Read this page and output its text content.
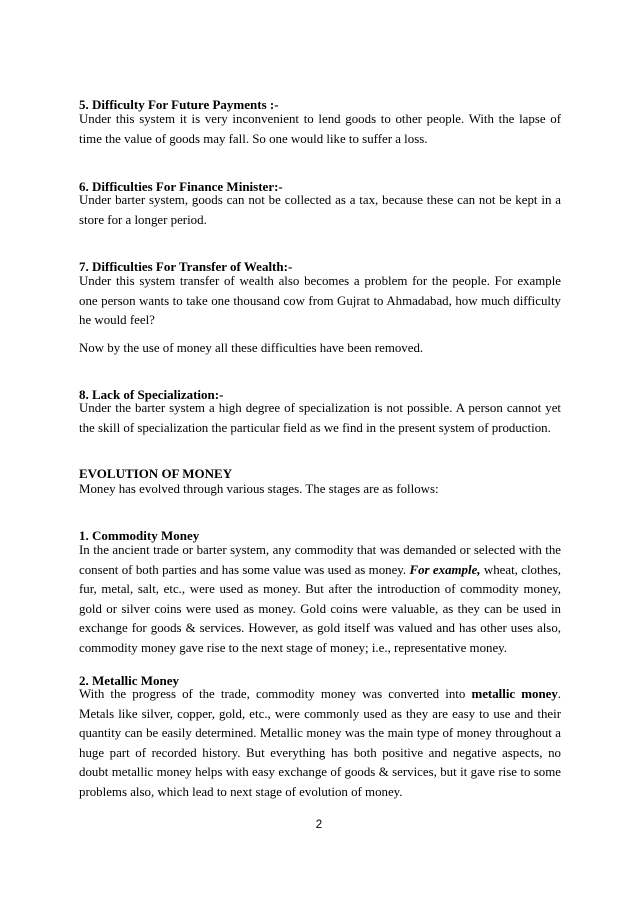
5. Difficulty For Future Payments :-

Under this system it is very inconvenient to lend goods to other people. With the lapse of time the value of goods may fall. So one would like to suffer a loss.

6. Difficulties For Finance Minister:-

Under barter system, goods can not be collected as a tax, because these can not be kept in a store for a longer period.

7. Difficulties For Transfer of Wealth:-

Under this system transfer of wealth also becomes a problem for the people. For example one person wants to take one thousand cow from Gujrat to Ahmadabad, how much difficulty he would feel?

Now by the use of money all these difficulties have been removed.

8. Lack of Specialization:-

Under the barter system a high degree of specialization is not possible. A person cannot yet the skill of specialization the particular field as we find in the present system of production.

EVOLUTION OF MONEY

Money has evolved through various stages. The stages are as follows:

1. Commodity Money

In the ancient trade or barter system, any commodity that was demanded or selected with the consent of both parties and has some value was used as money. For example, wheat, clothes, fur, metal, salt, etc., were used as money. But after the introduction of commodity money, gold or silver coins were used as money. Gold coins were valuable, as they can be used in exchange for goods & services. However, as gold itself was valued and has other uses also, commodity money gave rise to the next stage of money; i.e., representative money.

2. Metallic Money

With the progress of the trade, commodity money was converted into metallic money. Metals like silver, copper, gold, etc., were commonly used as they are easy to use and their quantity can be easily determined. Metallic money was the main type of money throughout a huge part of recorded history. But everything has both positive and negative aspects, no doubt metallic money helps with easy exchange of goods & services, but it gave rise to some problems also, which lead to next stage of evolution of money.

2
